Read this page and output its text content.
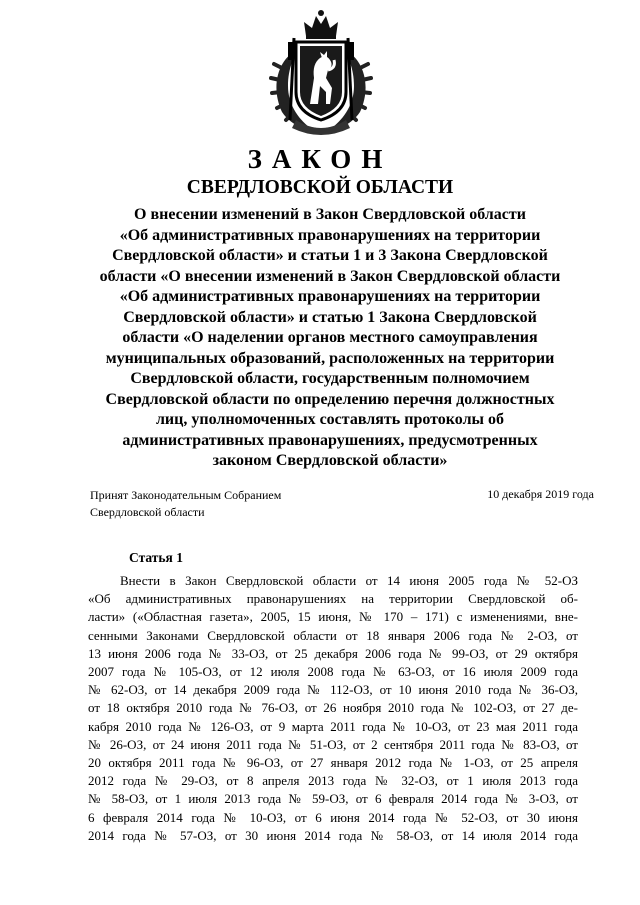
ЗАКОН
СВЕРДЛОВСКОЙ ОБЛАСТИ
О внесении изменений в Закон Свердловской области
«Об административных правонарушениях на территории
Свердловской области» и статьи 1 и 3 Закона Свердловской
области «О внесении изменений в Закон Свердловской области
«Об административных правонарушениях на территории
Свердловской области» и статью 1 Закона Свердловской
области «О наделении органов местного самоуправления
муниципальных образований, расположенных на территории
Свердловской области, государственным полномочием
Свердловской области по определению перечня должностных
лиц, уполномоченных составлять протоколы об
административных правонарушениях, предусмотренных
законом Свердловской области»
Принят Законодательным Собранием
Свердловской области
10 декабря 2019 года
Статья 1
Внести в Закон Свердловской области от 14 июня 2005 года № 52-ОЗ
«Об административных правонарушениях на территории Свердловской об-
ласти» («Областная газета», 2005, 15 июня, № 170 – 171) с изменениями, вне-
сенными Законами Свердловской области от 18 января 2006 года № 2-ОЗ, от
13 июня 2006 года № 33-ОЗ, от 25 декабря 2006 года № 99-ОЗ, от 29 октября
2007 года № 105-ОЗ, от 12 июля 2008 года № 63-ОЗ, от 16 июля 2009 года
№ 62-ОЗ, от 14 декабря 2009 года № 112-ОЗ, от 10 июня 2010 года № 36-ОЗ,
от 18 октября 2010 года № 76-ОЗ, от 26 ноября 2010 года № 102-ОЗ, от 27 де-
кабря 2010 года № 126-ОЗ, от 9 марта 2011 года № 10-ОЗ, от 23 мая 2011 года
№ 26-ОЗ, от 24 июня 2011 года № 51-ОЗ, от 2 сентября 2011 года № 83-ОЗ, от
20 октября 2011 года № 96-ОЗ, от 27 января 2012 года № 1-ОЗ, от 25 апреля
2012 года № 29-ОЗ, от 8 апреля 2013 года № 32-ОЗ, от 1 июля 2013 года
№ 58-ОЗ, от 1 июля 2013 года № 59-ОЗ, от 6 февраля 2014 года № 3-ОЗ, от
6 февраля 2014 года № 10-ОЗ, от 6 июня 2014 года № 52-ОЗ, от 30 июня
2014 года № 57-ОЗ, от 30 июня 2014 года № 58-ОЗ, от 14 июля 2014 года
